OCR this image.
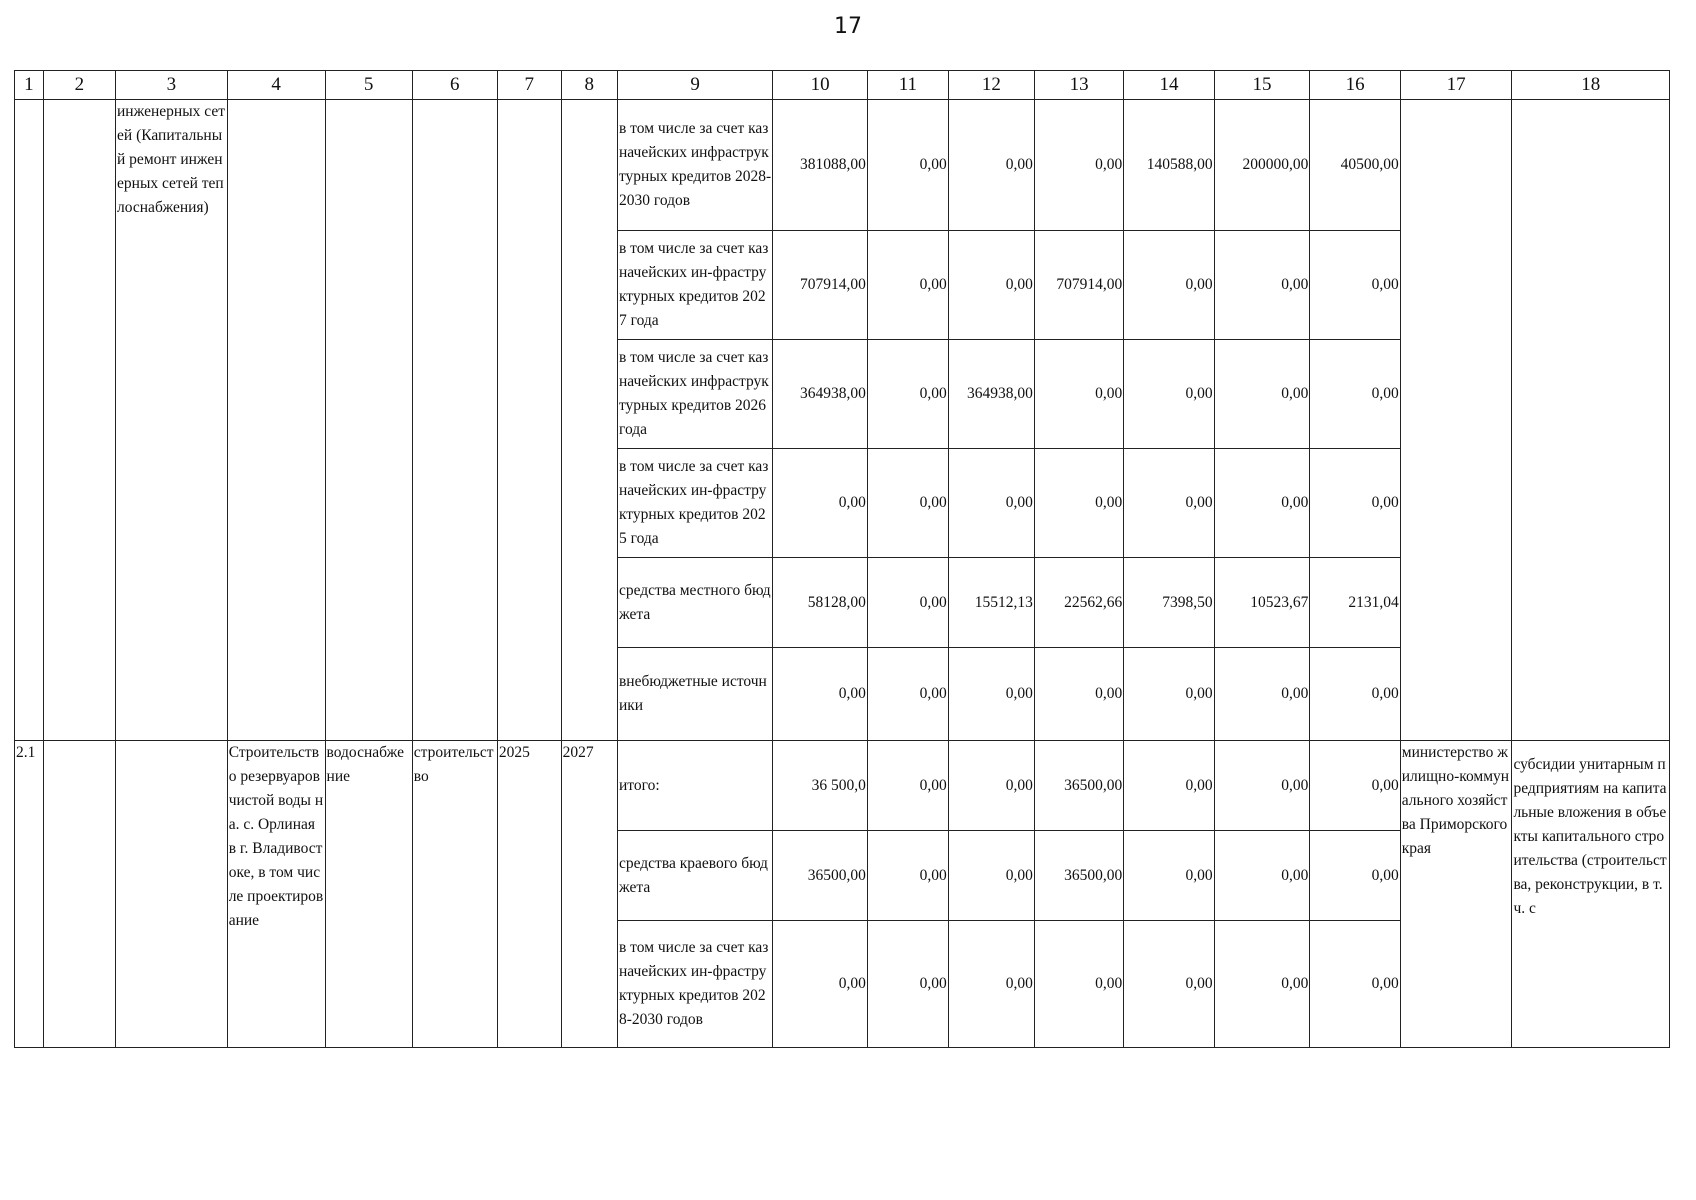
17
1	2	3	4	5	6	7	8	9	10	11	12	13	14	15	16	17	18
		инженерных сетей (Капитальный ремонт инженерных сетей теплоснабжения)						в том числе за счет казначейских инфраструктурных кредитов 2028-2030 годов	381088,00	0,00	0,00	0,00	140588,00	200000,00	40500,00		
								в том числе за счет казначейских ин-фраструктурных кредитов 2027 года	707914,00	0,00	0,00	707914,00	0,00	0,00	0,00		
								в том числе за счет казначейских инфраструктурных кредитов 2026 года	364938,00	0,00	364938,00	0,00	0,00	0,00	0,00		
								в том числе за счет казначейских ин-фраструктурных кредитов 2025 года	0,00	0,00	0,00	0,00	0,00	0,00	0,00		
								средства местного бюджета	58128,00	0,00	15512,13	22562,66	7398,50	10523,67	2131,04		
								внебюджетные источники	0,00	0,00	0,00	0,00	0,00	0,00	0,00		
2.1			Строительство резервуаров чистой воды на. с. Орлиная в г. Владивостоке, в том числе проектирование	водоснабжение	строительство	2025	2027	итого:	36 500,0	0,00	0,00	36500,00	0,00	0,00	0,00	министерство жилищно-коммунального хозяйства Приморского края	субсидии унитарным предприятиям на капитальные вложения в объекты капитального строительства (строительства, реконструкции, в т. ч. с
								средства краевого бюджета	36500,00	0,00	0,00	36500,00	0,00	0,00	0,00		
								в том числе за счет казначейских ин-фраструктурных кредитов 2028-2030 годов	0,00	0,00	0,00	0,00	0,00	0,00	0,00		
